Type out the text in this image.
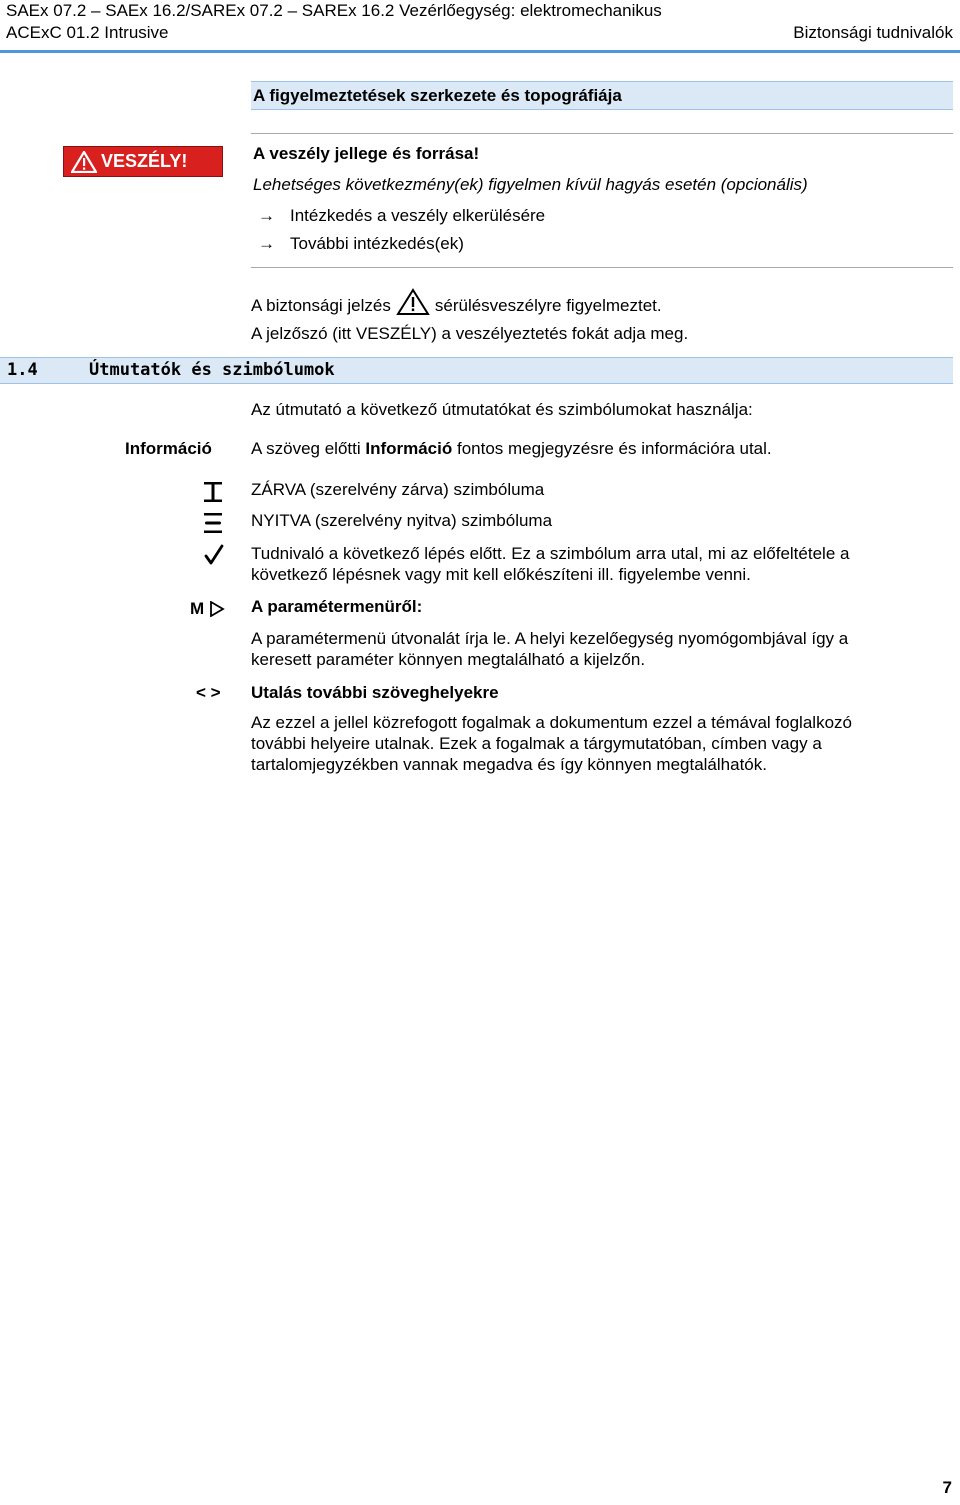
SAEx 07.2 – SAEx 16.2/SAREx 07.2 – SAREx 16.2 Vezérlőegység: elektromechanikus
ACExC 01.2 Intrusive	Biztonsági tudnivalók
A figyelmeztetések szerkezete és topográfiája
VESZÉLY!	A veszély jellege és forrása!
Lehetséges következmény(ek) figyelmen kívül hagyás esetén (opcionális)
→ Intézkedés a veszély elkerülésére
→ További intézkedés(ek)
A biztonsági jelzés	sérülésveszélyre figyelmeztet.
A jelzőszó (itt VESZÉLY) a veszélyeztetés fokát adja meg.
1.4	Útmutatók és szimbólumok
Az útmutató a következő útmutatókat és szimbólumokat használja:
Információ A szöveg előtti Információ fontos megjegyzésre és információra utal.
ZÁRVA (szerelvény zárva) szimbóluma
NYITVA (szerelvény nyitva) szimbóluma
Tudnivaló a következő lépés előtt. Ez a szimbólum arra utal, mi az előfeltétele a
következő lépésnek vagy mit kell előkészíteni ill. figyelembe venni.
M	A paramétermenüről:
A paramétermenü útvonalát írja le. A helyi kezelőegység nyomógombjával így a
keresett paraméter könnyen megtalálható a kijelzőn.
< > Utalás további szöveghelyekre
Az ezzel a jellel közrefogott fogalmak a dokumentum ezzel a témával foglalkozó
további helyeire utalnak. Ezek a fogalmak a tárgymutatóban, címben vagy a
tartalomjegyzékben vannak megadva és így könnyen megtalálhatók.
7
